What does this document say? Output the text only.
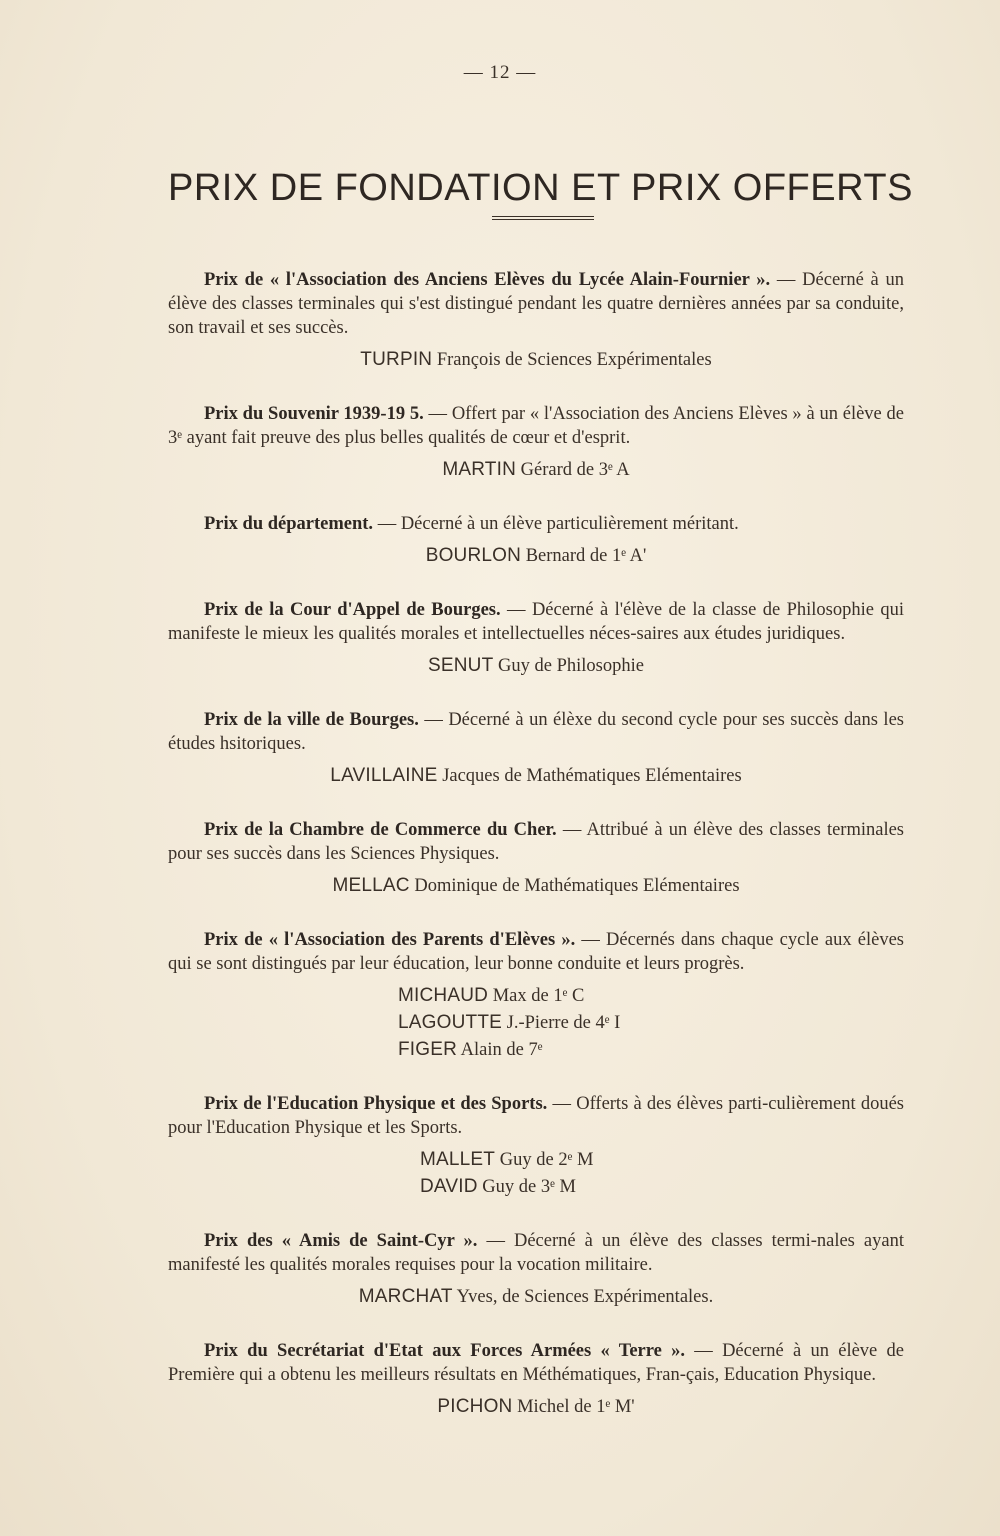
— 12 —
PRIX DE FONDATION ET PRIX OFFERTS

Prix de « l'Association des Anciens Elèves du Lycée Alain-Fournier ». — Décerné à un élève des classes terminales qui s'est distingué pendant les quatre dernières années par sa conduite, son travail et ses succès.

TURPIN François de Sciences Expérimentales

Prix du Souvenir 1939-19 5. — Offert par « l'Association des Anciens Elèves » à un élève de 3ᵉ ayant fait preuve des plus belles qualités de cœur et d'esprit.

MARTIN Gérard de 3ᵉ A

Prix du département. — Décerné à un élève particulièrement méritant.

BOURLON Bernard de 1ᵉ A'

Prix de la Cour d'Appel de Bourges. — Décerné à l'élève de la classe de Philosophie qui manifeste le mieux les qualités morales et intellectuelles néces-saires aux études juridiques.

SENUT Guy de Philosophie

Prix de la ville de Bourges. — Décerné à un élèxe du second cycle pour ses succès dans les études hsitoriques.

LAVILLAINE Jacques de Mathématiques Elémentaires

Prix de la Chambre de Commerce du Cher. — Attribué à un élève des classes terminales pour ses succès dans les Sciences Physiques.

MELLAC Dominique de Mathématiques Elémentaires

Prix de « l'Association des Parents d'Elèves ». — Décernés dans chaque cycle aux élèves qui se sont distingués par leur éducation, leur bonne conduite et leurs progrès.

MICHAUD Max de 1ᵉ C
LAGOUTTE J.-Pierre de 4ᵉ I
FIGER Alain de 7ᵉ

Prix de l'Education Physique et des Sports. — Offerts à des élèves parti-culièrement doués pour l'Education Physique et les Sports.

MALLET Guy de 2ᵉ M
DAVID Guy de 3ᵉ M

Prix des « Amis de Saint-Cyr ». — Décerné à un élève des classes termi-nales ayant manifesté les qualités morales requises pour la vocation militaire.

MARCHAT Yves, de Sciences Expérimentales.

Prix du Secrétariat d'Etat aux Forces Armées « Terre ». — Décerné à un élève de Première qui a obtenu les meilleurs résultats en Méthématiques, Fran-çais, Education Physique.

PICHON Michel de 1ᵉ M'
